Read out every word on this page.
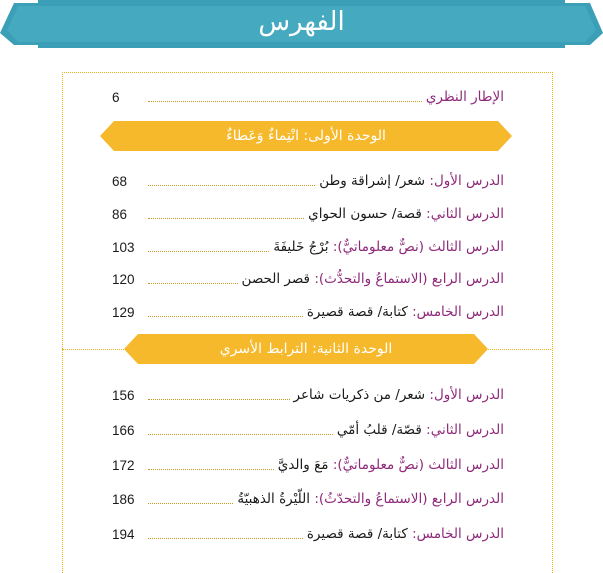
الفهرس
الإطار النظري
6
الوحدة الأولى: انْتِماءٌ وَعَطاءٌ
الدرس الأول: شعر/ إشراقة وطن
68
الدرس الثاني: قصة/ حسون الحواي
86
الدرس الثالث (نصٌّ معلوماتيٌّ): بُرْجُ خَليفَةَ
103
الدرس الرابع (الاستماعُ والتحدُّث): قصر الحصن
120
الدرس الخامس: كتابة/ قصة قصيرة
129
الوحدة الثانية: الترابط الأسري
الدرس الأول: شعر/ من ذكريات شاعر
156
الدرس الثاني: قصّة/ قلبُ أمّي
166
الدرس الثالث (نصٌّ معلوماتيٌّ): مَعَ والديَّ
172
الدرس الرابع (الاستماعُ والتحدّثُ): اللّيْرةُ الذهبيّةُ
186
الدرس الخامس: كتابة/ قصة قصيرة
194
